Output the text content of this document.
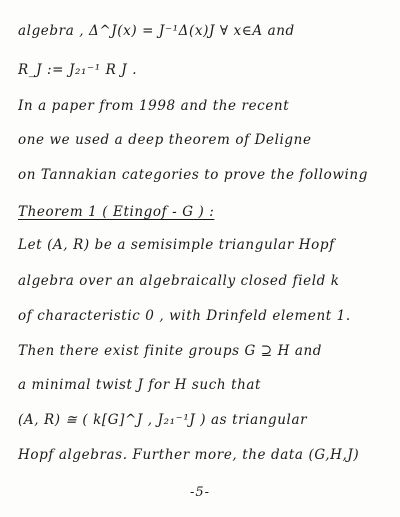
algebra , Δ^J(x) = J⁻¹Δ(x)J ∀ x∈A and
R_J := J₂₁⁻¹ R J .
In a paper from 1998 and the recent
one we used a deep theorem of Deligne
on Tannakian categories to prove the following
Theorem 1 ( Etingof - G ) :
Let (A, R) be a semisimple triangular Hopf
algebra over an algebraically closed field k
of characteristic 0 , with Drinfeld element 1.
Then there exist finite groups G ⊇ H and
a minimal twist J for H such that
(A, R) ≅ ( k[G]^J , J₂₁⁻¹J ) as triangular
Hopf algebras. Further more, the data (G,H,J)
-5-
